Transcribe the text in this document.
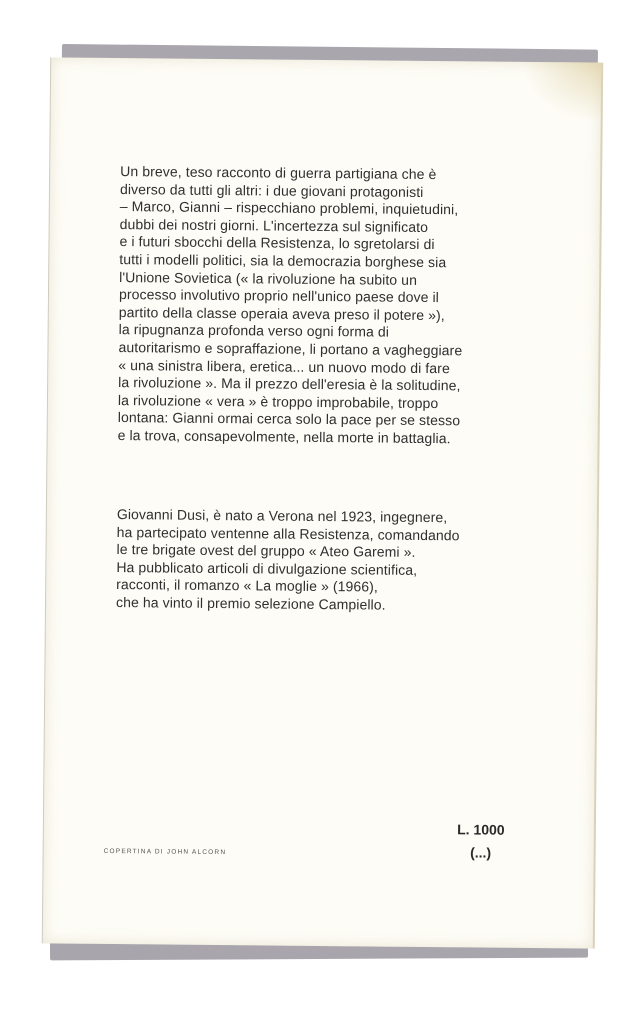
Un breve, teso racconto di guerra partigiana che è
diverso da tutti gli altri: i due giovani protagonisti
– Marco, Gianni – rispecchiano problemi, inquietudini,
dubbi dei nostri giorni. L'incertezza sul significato
e i futuri sbocchi della Resistenza, lo sgretolarsi di
tutti i modelli politici, sia la democrazia borghese sia
l'Unione Sovietica (« la rivoluzione ha subito un
processo involutivo proprio nell'unico paese dove il
partito della classe operaia aveva preso il potere »),
la ripugnanza profonda verso ogni forma di
autoritarismo e sopraffazione, li portano a vagheggiare
« una sinistra libera, eretica... un nuovo modo di fare
la rivoluzione ». Ma il prezzo dell'eresia è la solitudine,
la rivoluzione « vera » è troppo improbabile, troppo
lontana: Gianni ormai cerca solo la pace per se stesso
e la trova, consapevolmente, nella morte in battaglia.
Giovanni Dusi, è nato a Verona nel 1923, ingegnere,
ha partecipato ventenne alla Resistenza, comandando
le tre brigate ovest del gruppo « Ateo Garemi ».
Ha pubblicato articoli di divulgazione scientifica,
racconti, il romanzo « La moglie » (1966),
che ha vinto il premio selezione Campiello.
COPERTINA DI JOHN ALCORN
L. 1000
(...)
